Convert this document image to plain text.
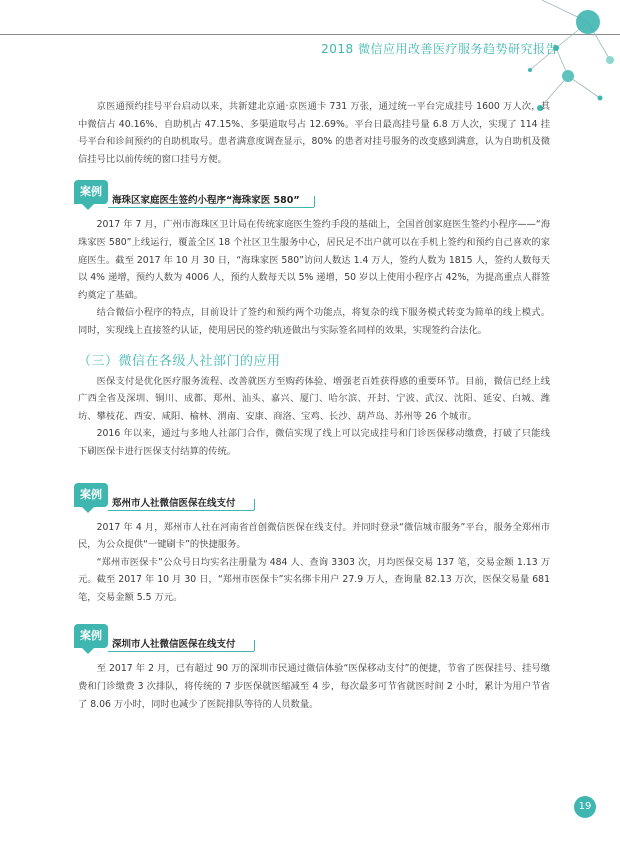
2018 微信应用改善医疗服务趋势研究报告

京医通预约挂号平台启动以来，共新建北京通·京医通卡 731 万张，通过统一平台完成挂号 1600 万人次，其中微信占 40.16%、自助机占 47.15%、多渠道取号占 12.69%。平台日最高挂号量 6.8 万人次，实现了 114 挂号平台和诊间预约的自助机取号。患者满意度调查显示，80% 的患者对挂号服务的改变感到满意，认为自助机及微信挂号比以前传统的窗口挂号方便。

案例
海珠区家庭医生签约小程序“海珠家医 580”

2017 年 7 月，广州市海珠区卫计局在传统家庭医生签约手段的基础上，全国首创家庭医生签约小程序——“海珠家医 580”上线运行，覆盖全区 18 个社区卫生服务中心，居民足不出户就可以在手机上签约和预约自己喜欢的家庭医生。截至 2017 年 10 月 30 日，“海珠家医 580”访问人数达 1.4 万人，签约人数为 1815 人，签约人数每天以 4% 递增，预约人数为 4006 人，预约人数每天以 5% 递增，50 岁以上使用小程序占 42%，为提高重点人群签约奠定了基础。

结合微信小程序的特点，目前设计了签约和预约两个功能点，将复杂的线下服务模式转变为简单的线上模式。同时，实现线上直接签约认证，使用居民的签约轨迹做出与实际签名同样的效果，实现签约合法化。

（三）微信在各级人社部门的应用

医保支付是优化医疗服务流程、改善就医方至购药体验、增强老百姓获得感的重要环节。目前，微信已经上线广西全省及深圳、铜川、成都、郑州、汕头、嘉兴、厦门、哈尔滨、开封、宁波、武汉、沈阳、延安、白城、潍坊、攀枝花、西安、咸阳、榆林、渭南、安康、商洛、宝鸡、长沙、葫芦岛、苏州等 26 个城市。

2016 年以来，通过与多地人社部门合作，微信实现了线上可以完成挂号和门诊医保移动缴费，打破了只能线下刷医保卡进行医保支付结算的传统。

案例
郑州市人社微信医保在线支付

2017 年 4 月，郑州市人社在河南省首创微信医保在线支付。并同时登录“微信城市服务”平台，服务全郑州市民，为公众提供“一键刷卡”的快捷服务。

“郑州市医保卡”公众号日均实名注册量为 484 人、查询 3303 次，月均医保交易 137 笔，交易金额 1.13 万元。截至 2017 年 10 月 30 日，“郑州市医保卡”实名绑卡用户 27.9 万人，查询量 82.13 万次，医保交易量 681 笔，交易金额 5.5 万元。

案例
深圳市人社微信医保在线支付

至 2017 年 2 月，已有超过 90 万的深圳市民通过微信体验“医保移动支付”的便捷，节省了医保挂号、挂号缴费和门诊缴费 3 次排队，将传统的 7 步医保就医缩减至 4 步，每次最多可节省就医时间 2 小时，累计为用户节省了 8.06 万小时，同时也减少了医院排队等待的人员数量。

19
